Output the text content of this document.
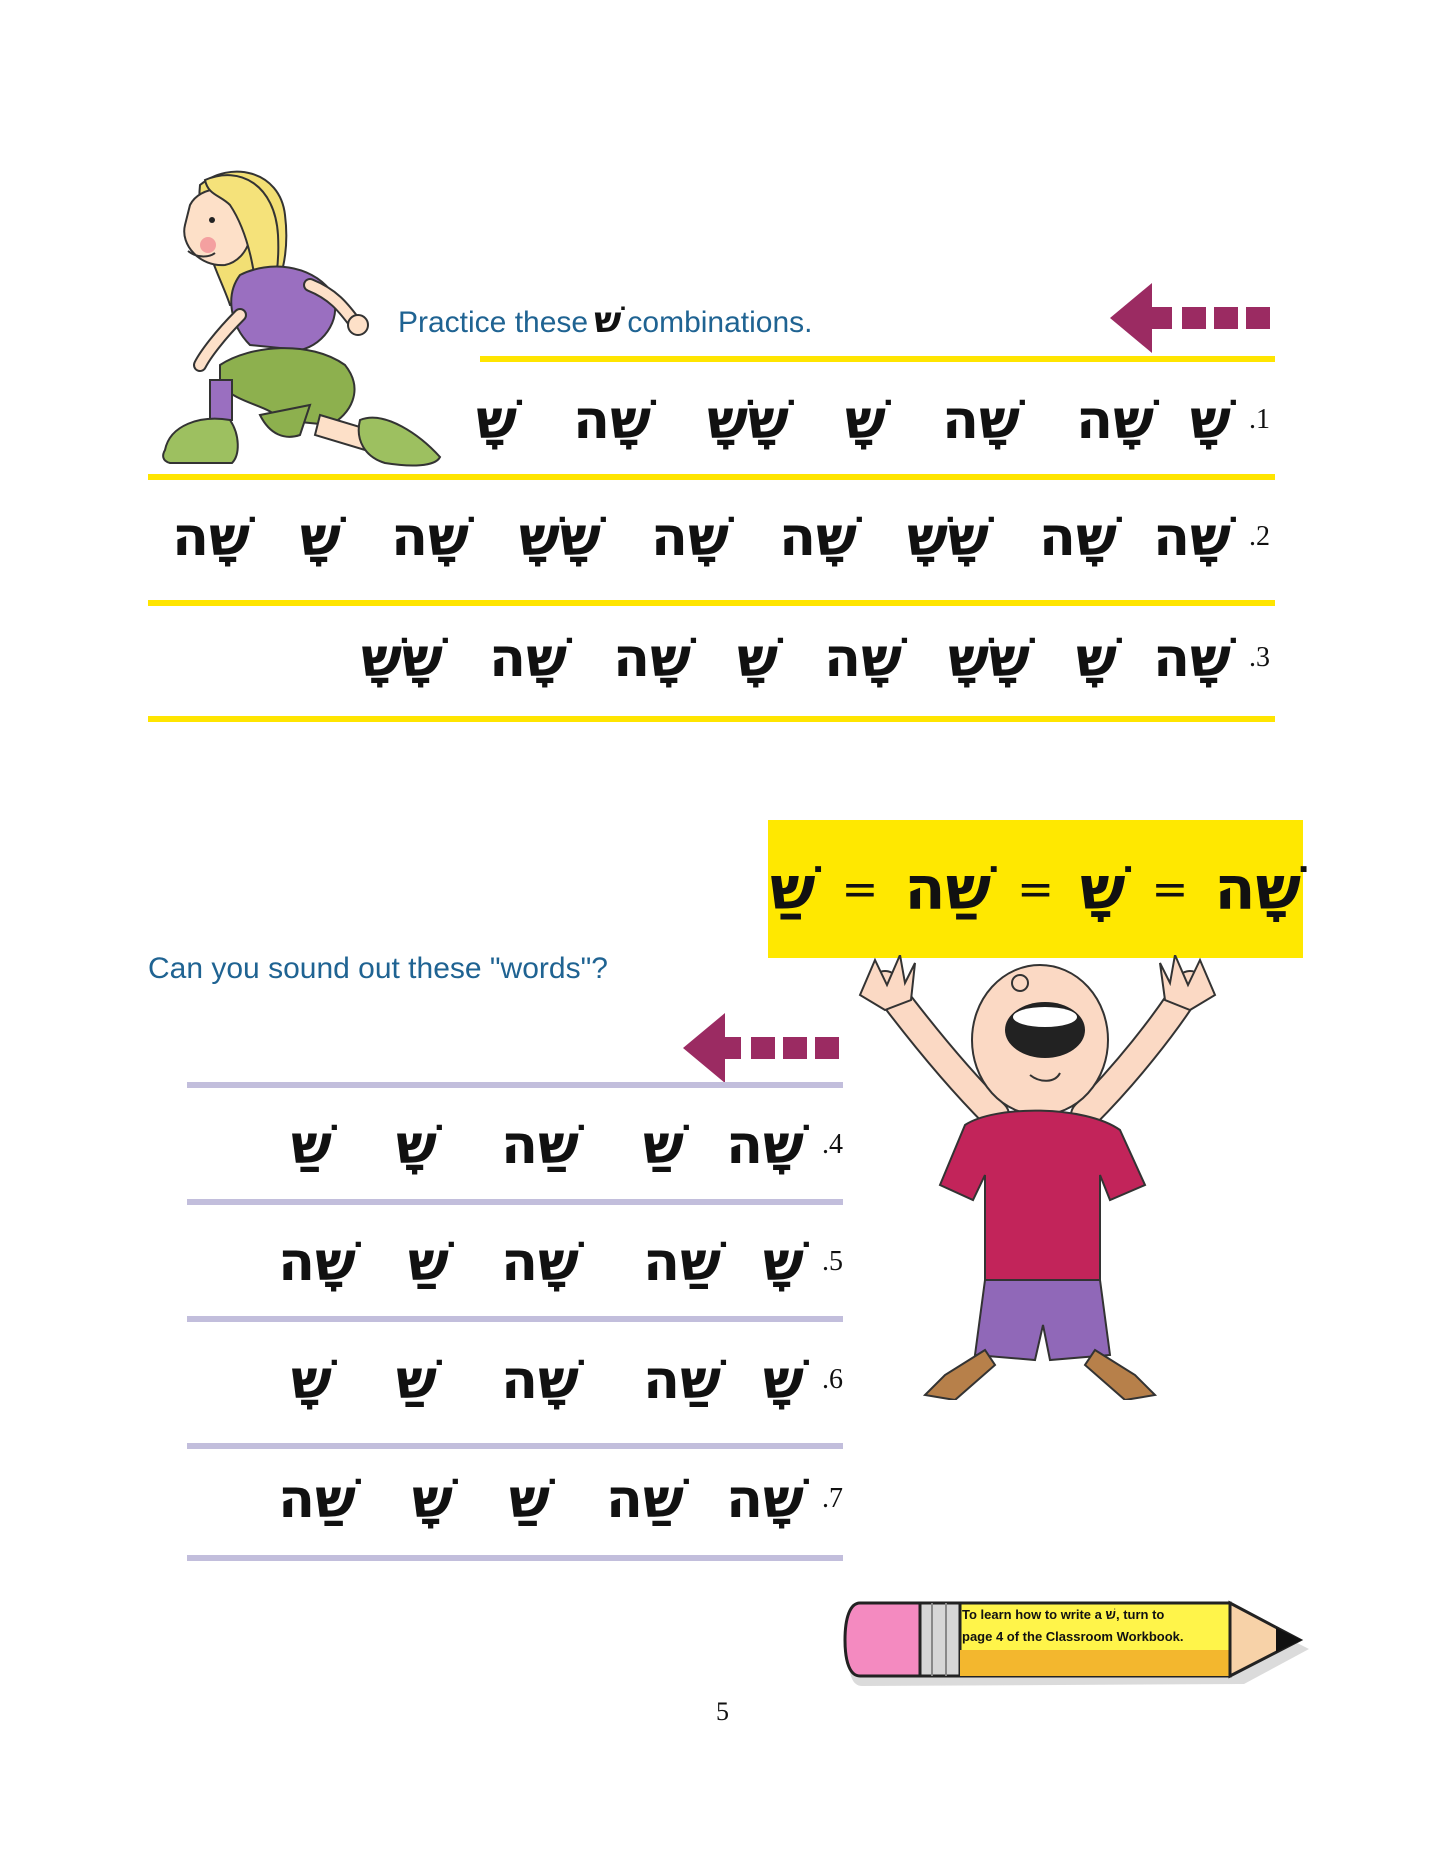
Practice these שׁ combinations.
.1
שָׁ
שָׁה
שָׁה
שָׁ
שָׁשָׁ
שָׁה
שָׁ
.2
שָׁה
שָׁה
שָׁשָׁ
שָׁה
שָׁה
שָׁשָׁ
שָׁה
שָׁ
שָׁה
.3
שָׁה
שָׁ
שָׁשָׁ
שָׁה
שָׁ
שָׁה
שָׁה
שָׁשָׁ
שָׁה
=
שָׁ
=
שַׁה
=
שַׁ
Can you sound out these "words"?
.4
שָׁה
שַׁ
שַׁה
שָׁ
שַׁ
.5
שָׁ
שַׁה
שָׁה
שַׁ
שָׁה
.6
שָׁ
שַׁה
שָׁה
שַׁ
שָׁ
.7
שָׁה
שַׁה
שַׁ
שָׁ
שַׁה
To learn how to write a שׁ, turn to
page 4 of the Classroom Workbook.
5
